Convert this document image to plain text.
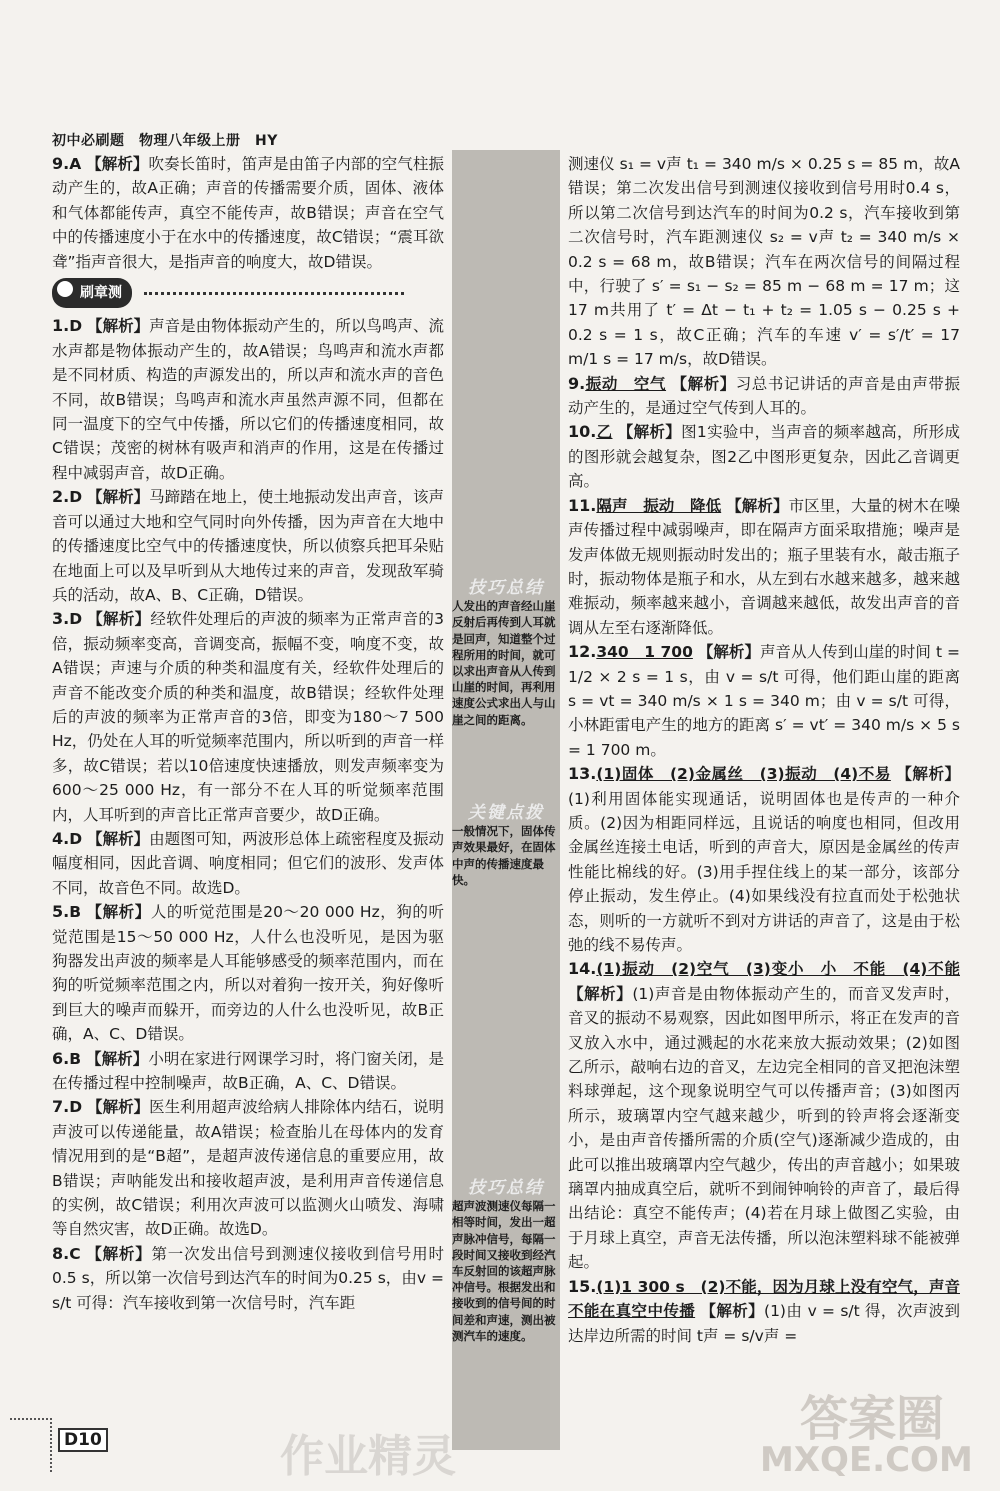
初中必刷题　物理八年级上册　HY

9.A 【解析】吹奏长笛时，笛声是由笛子内部的空气柱振动产生的，故A正确；声音的传播需要介质，固体、液体和气体都能传声，真空不能传声，故B错误；声音在空气中的传播速度小于在水中的传播速度，故C错误；“震耳欲聋”指声音很大，是指声音的响度大，故D错误。

刷章测

1.D 【解析】声音是由物体振动产生的，所以鸟鸣声、流水声都是物体振动产生的，故A错误；鸟鸣声和流水声都是不同材质、构造的声源发出的，所以声和流水声的音色不同，故B错误；鸟鸣声和流水声虽然声源不同，但都在同一温度下的空气中传播，所以它们的传播速度相同，故C错误；茂密的树林有吸声和消声的作用，这是在传播过程中减弱声音，故D正确。

2.D 【解析】马蹄踏在地上，使土地振动发出声音，该声音可以通过大地和空气同时向外传播，因为声音在大地中的传播速度比空气中的传播速度快，所以侦察兵把耳朵贴在地面上可以及早听到从大地传过来的声音，发现敌军骑兵的活动，故A、B、C正确，D错误。

3.D 【解析】经软件处理后的声波的频率为正常声音的3倍，振动频率变高，音调变高，振幅不变，响度不变，故A错误；声速与介质的种类和温度有关，经软件处理后的声音不能改变介质的种类和温度，故B错误；经软件处理后的声波的频率为正常声音的3倍，即变为180～7 500 Hz，仍处在人耳的听觉频率范围内，所以听到的声音一样多，故C错误；若以10倍速度快速播放，则发声频率变为600～25 000 Hz，有一部分不在人耳的听觉频率范围内，人耳听到的声音比正常声音要少，故D正确。

4.D 【解析】由题图可知，两波形总体上疏密程度及振动幅度相同，因此音调、响度相同；但它们的波形、发声体不同，故音色不同。故选D。

5.B 【解析】人的听觉范围是20～20 000 Hz，狗的听觉范围是15～50 000 Hz，人什么也没听见，是因为驱狗器发出声波的频率是人耳能够感受的频率范围内，而在狗的听觉频率范围之内，所以对着狗一按开关，狗好像听到巨大的噪声而躲开，而旁边的人什么也没听见，故B正确，A、C、D错误。

6.B 【解析】小明在家进行网课学习时，将门窗关闭，是在传播过程中控制噪声，故B正确，A、C、D错误。

7.D 【解析】医生利用超声波给病人排除体内结石，说明声波可以传递能量，故A错误；检查胎儿在母体内的发育情况用到的是“B超”，是超声波传递信息的重要应用，故B错误；声呐能发出和接收超声波，是利用声音传递信息的实例，故C错误；利用次声波可以监测火山喷发、海啸等自然灾害，故D正确。故选D。

8.C 【解析】第一次发出信号到测速仪接收到信号用时0.5 s，所以第一次信号到达汽车的时间为0.25 s，由v = s/t 可得：汽车接收到第一次信号时，汽车距

技巧总结
人发出的声音经山崖反射后再传到人耳就是回声，知道整个过程所用的时间，就可以求出声音从人传到山崖的时间，再利用速度公式求出人与山崖之间的距离。
关键点拨
一般情况下，固体传声效果最好，在固体中声的传播速度最快。
技巧总结
超声波测速仪每隔一相等时间，发出一超声脉冲信号，每隔一段时间又接收到经汽车反射回的该超声脉冲信号。根据发出和接收到的信号间的时间差和声速，测出被测汽车的速度。

测速仪 s₁ = v声 t₁ = 340 m/s × 0.25 s = 85 m，故A错误；第二次发出信号到测速仪接收到信号用时0.4 s，所以第二次信号到达汽车的时间为0.2 s，汽车接收到第二次信号时，汽车距测速仪 s₂ = v声 t₂ = 340 m/s × 0.2 s = 68 m，故B错误；汽车在两次信号的间隔过程中，行驶了 s′ = s₁ − s₂ = 85 m − 68 m = 17 m；这17 m共用了 t′ = Δt − t₁ + t₂ = 1.05 s − 0.25 s + 0.2 s = 1 s，故C正确；汽车的车速 v′ = s′/t′ = 17 m/1 s = 17 m/s，故D错误。

9.振动　空气 【解析】习总书记讲话的声音是由声带振动产生的，是通过空气传到人耳的。

10.乙 【解析】图1实验中，当声音的频率越高，所形成的图形就会越复杂，图2乙中图形更复杂，因此乙音调更高。

11.隔声　振动　降低 【解析】市区里，大量的树木在噪声传播过程中减弱噪声，即在隔声方面采取措施；噪声是发声体做无规则振动时发出的；瓶子里装有水，敲击瓶子时，振动物体是瓶子和水，从左到右水越来越多，越来越难振动，频率越来越小，音调越来越低，故发出声音的音调从左至右逐渐降低。

12.340　1 700 【解析】声音从人传到山崖的时间 t = 1/2 × 2 s = 1 s，由 v = s/t 可得，他们距山崖的距离 s = vt = 340 m/s × 1 s = 340 m；由 v = s/t 可得，小林距雷电产生的地方的距离 s′ = vt′ = 340 m/s × 5 s = 1 700 m。

13.(1)固体　(2)金属丝　(3)振动　(4)不易 【解析】(1)利用固体能实现通话，说明固体也是传声的一种介质。(2)因为相距同样远，且说话的响度也相同，但改用金属丝连接土电话，听到的声音大，原因是金属丝的传声性能比棉线的好。(3)用手捏住线上的某一部分，该部分停止振动，发生停止。(4)如果线没有拉直而处于松弛状态，则听的一方就听不到对方讲话的声音了，这是由于松弛的线不易传声。

14.(1)振动　(2)空气　(3)变小　小　不能　(4)不能 【解析】(1)声音是由物体振动产生的，而音叉发声时，音叉的振动不易观察，因此如图甲所示，将正在发声的音叉放入水中，通过溅起的水花来放大振动效果；(2)如图乙所示，敲响右边的音叉，左边完全相同的音叉把泡沫塑料球弹起，这个现象说明空气可以传播声音；(3)如图丙所示，玻璃罩内空气越来越少，听到的铃声将会逐渐变小，是由声音传播所需的介质(空气)逐渐减少造成的，由此可以推出玻璃罩内空气越少，传出的声音越小；如果玻璃罩内抽成真空后，就听不到闹钟响铃的声音了，最后得出结论：真空不能传声；(4)若在月球上做图乙实验，由于月球上真空，声音无法传播，所以泡沫塑料球不能被弹起。

15.(1)1 300 s　(2)不能，因为月球上没有空气，声音不能在真空中传播 【解析】(1)由 v = s/t 得，次声波到达岸边所需的时间 t声 = s/v声 =

D10	作业精灵
答案圈
MXQE.COM
